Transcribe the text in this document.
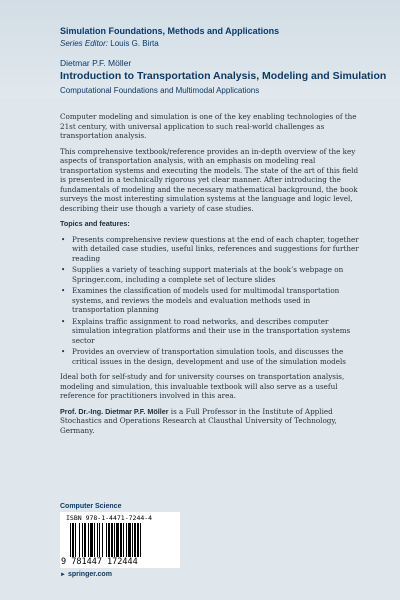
Simulation Foundations, Methods and Applications

Series Editor: Louis G. Birta

Dietmar P.F. Möller

Introduction to Transportation Analysis, Modeling and Simulation

Computational Foundations and Multimodal Applications

Computer modeling and simulation is one of the key enabling technologies of the 21st century, with universal application to such real-world challenges as transportation analysis.

This comprehensive textbook/reference provides an in-depth overview of the key aspects of transportation analysis, with an emphasis on modeling real transportation systems and executing the models. The state of the art of this field is presented in a technically rigorous yet clear manner. After introducing the fundamentals of modeling and the necessary mathematical background, the book surveys the most interesting simulation systems at the language and logic level, describing their use though a variety of case studies.

Topics and features:

• Presents comprehensive review questions at the end of each chapter, together with detailed case studies, useful links, references and suggestions for further reading
• Supplies a variety of teaching support materials at the book’s webpage on Springer.com, including a complete set of lecture slides
• Examines the classification of models used for multimodal transportation systems, and reviews the models and evaluation methods used in transportation planning
• Explains traffic assignment to road networks, and describes computer simulation integration platforms and their use in the transportation systems sector
• Provides an overview of transportation simulation tools, and discusses the critical issues in the design, development and use of the simulation models

Ideal both for self-study and for university courses on transportation analysis, modeling and simulation, this invaluable textbook will also serve as a useful reference for practitioners involved in this area.

Prof. Dr.-Ing. Dietmar P.F. Möller is a Full Professor in the Institute of Applied Stochastics and Operations Research at Clausthal University of Technology, Germany.

Computer Science

ISBN 978-1-4471-7244-4
9 781447 172444
► springer.com
